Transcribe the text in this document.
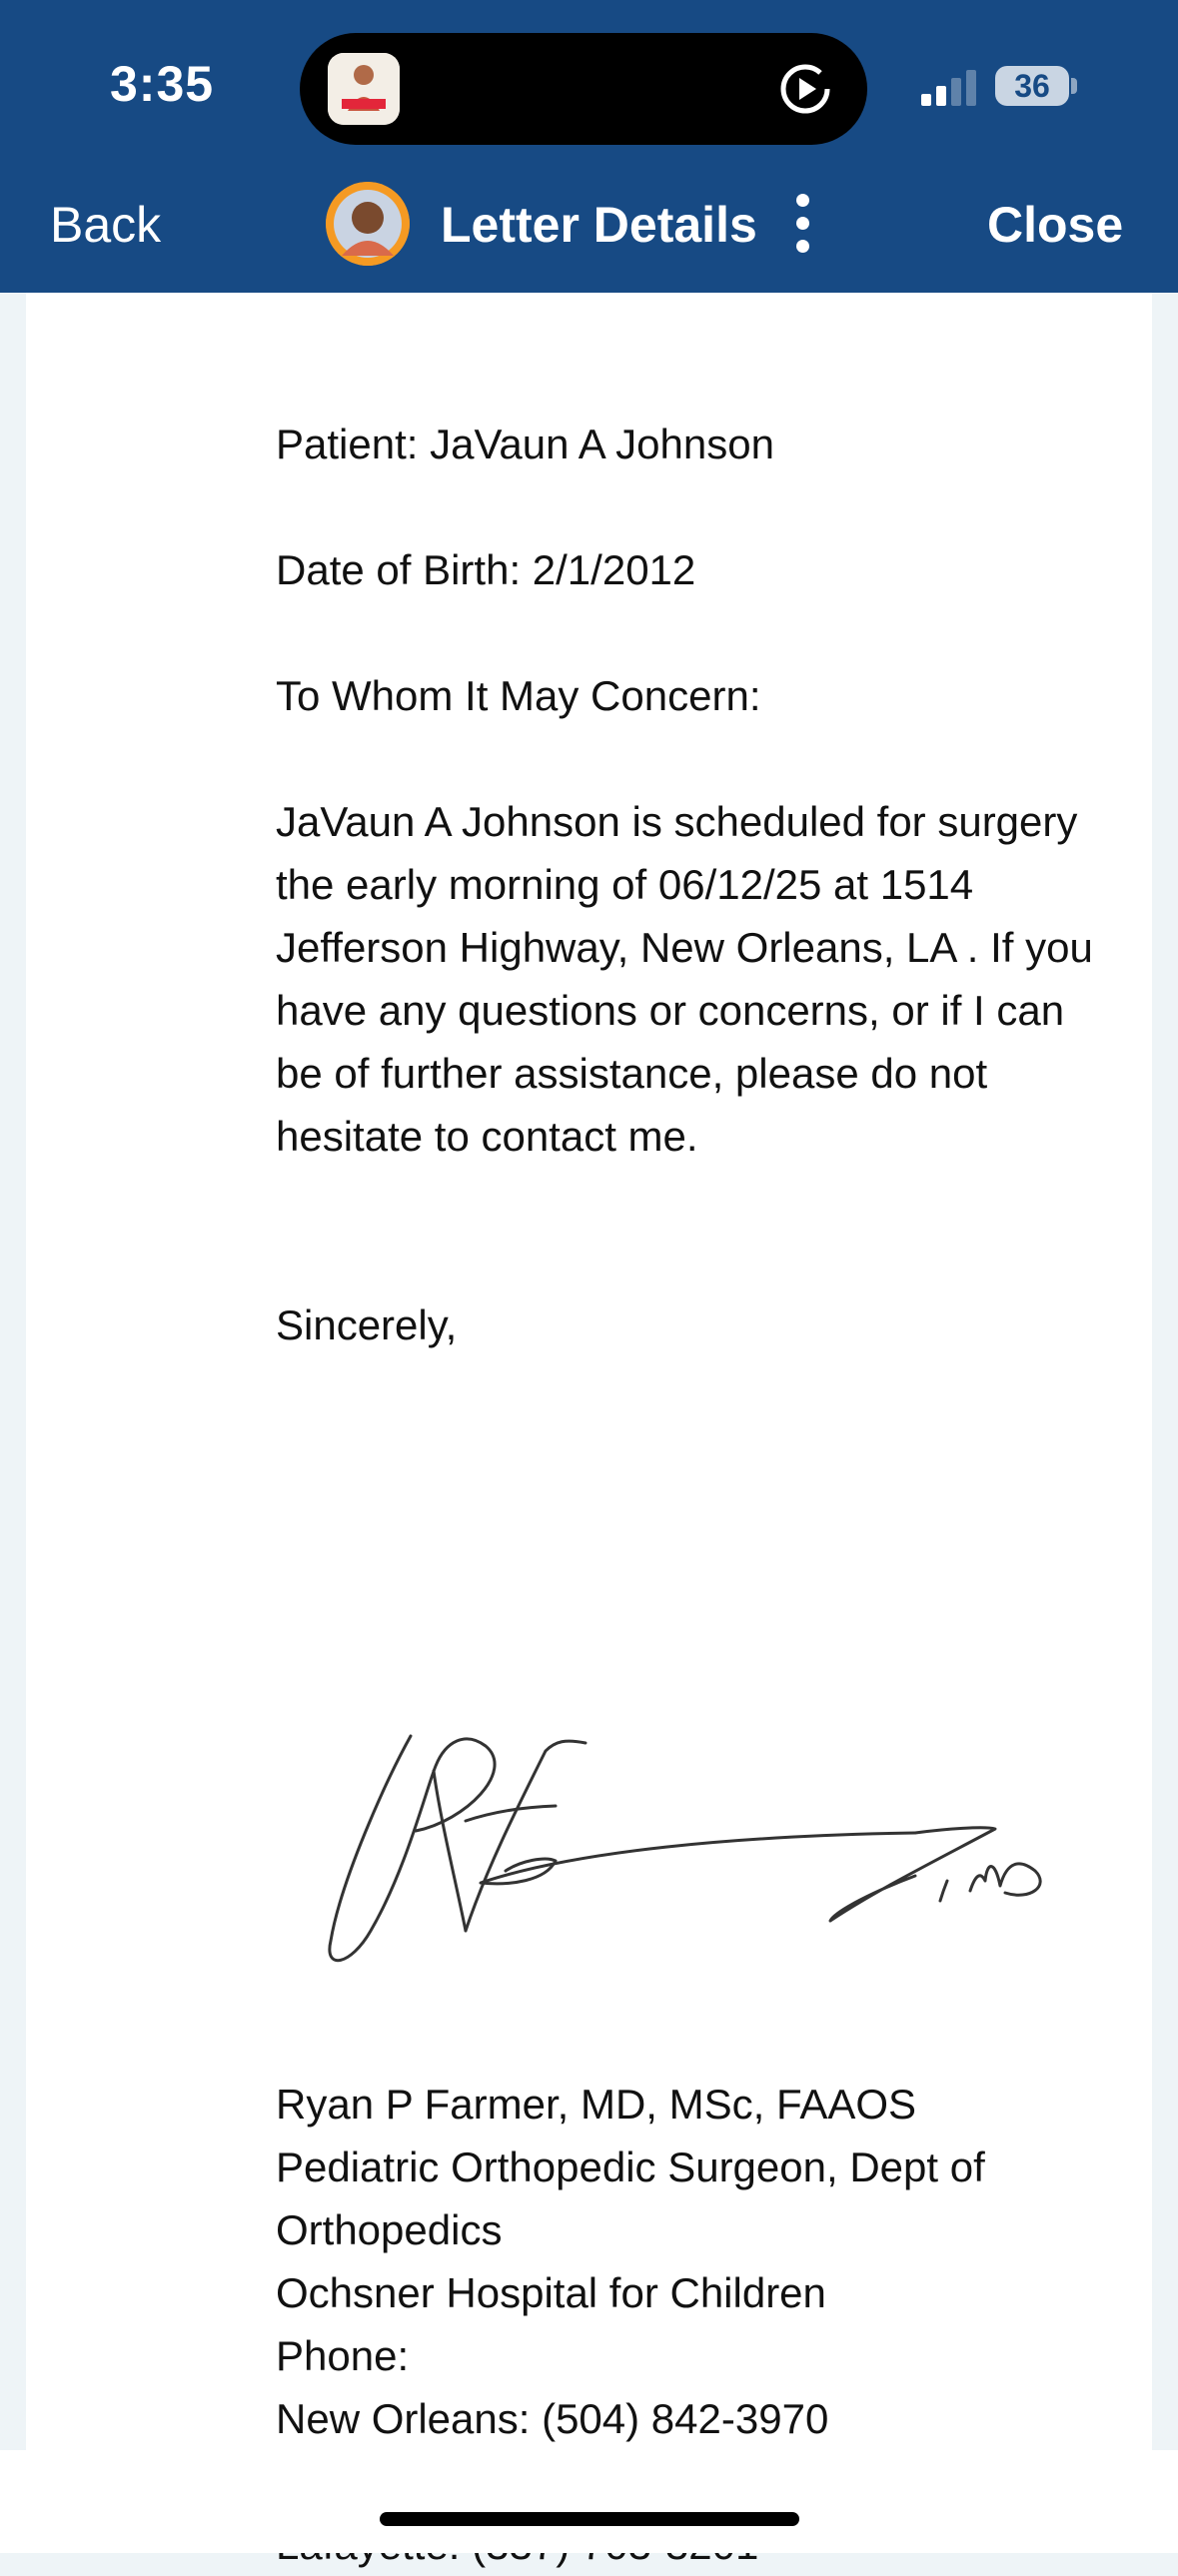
3:35	36
Back	Letter Details	Close
Patient: JaVaun A Johnson
Date of Birth: 2/1/2012
To Whom It May Concern:
JaVaun A Johnson is scheduled for surgery the early morning of 06/12/25 at 1514 Jefferson Highway, New Orleans, LA . If you have any questions or concerns, or if I can be of further assistance, please do not hesitate to contact me.
Sincerely,
Ryan P Farmer, MD, MSc, FAAOS
Pediatric Orthopedic Surgeon, Dept of Orthopedics
Ochsner Hospital for Children
Phone:
New Orleans: (504) 842-3970
